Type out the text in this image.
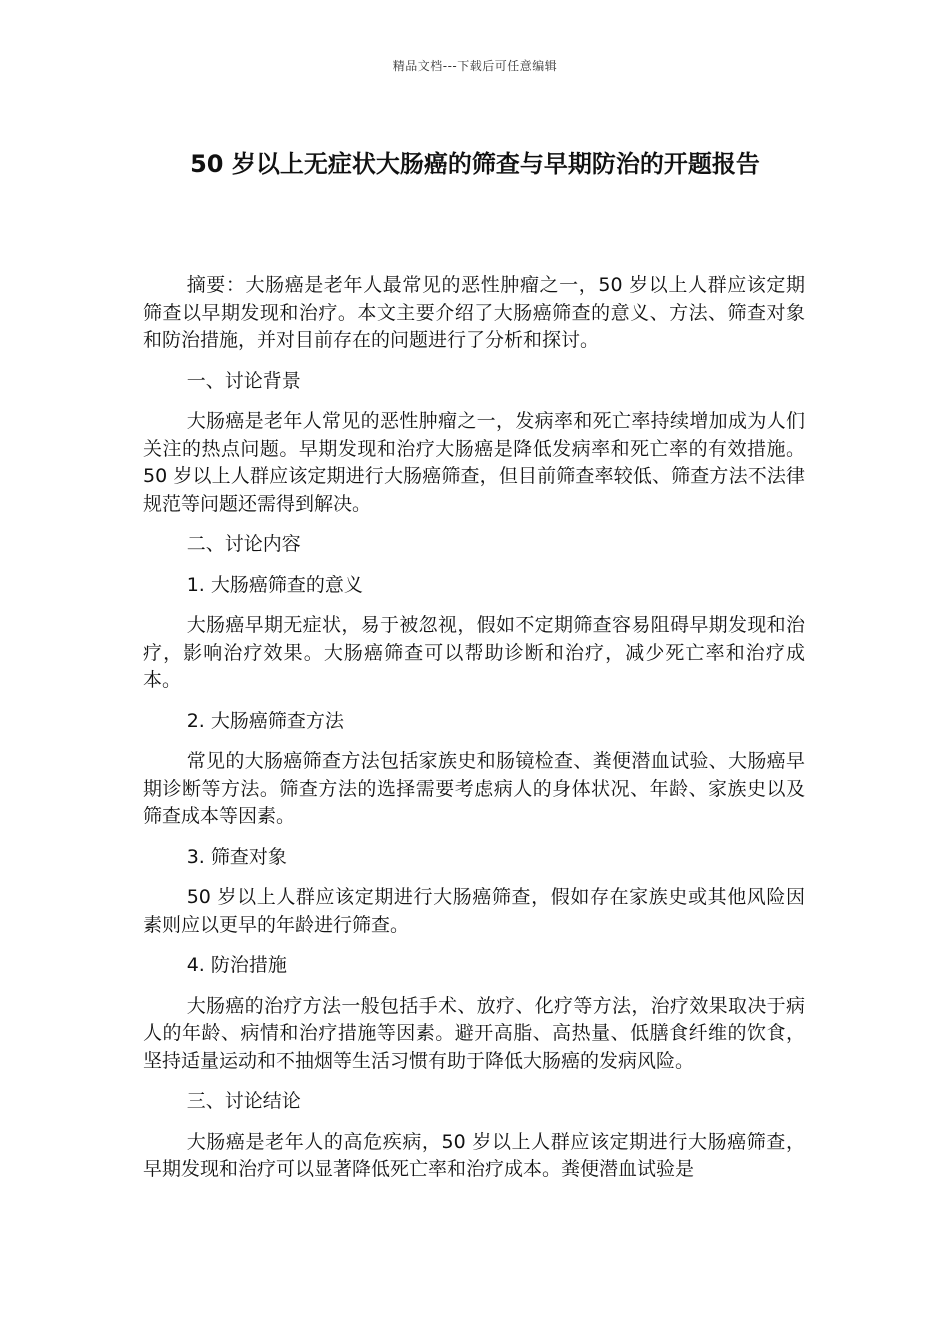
精品文档---下载后可任意编辑
50 岁以上无症状大肠癌的筛查与早期防治的开题报告

摘要：大肠癌是老年人最常见的恶性肿瘤之一，50 岁以上人群应该定期筛查以早期发现和治疗。本文主要介绍了大肠癌筛查的意义、方法、筛查对象和防治措施，并对目前存在的问题进行了分析和探讨。

一、讨论背景

大肠癌是老年人常见的恶性肿瘤之一，发病率和死亡率持续增加成为人们关注的热点问题。早期发现和治疗大肠癌是降低发病率和死亡率的有效措施。50 岁以上人群应该定期进行大肠癌筛查，但目前筛查率较低、筛查方法不法律规范等问题还需得到解决。

二、讨论内容

1. 大肠癌筛查的意义

大肠癌早期无症状，易于被忽视，假如不定期筛查容易阻碍早期发现和治疗，影响治疗效果。大肠癌筛查可以帮助诊断和治疗，减少死亡率和治疗成本。

2. 大肠癌筛查方法

常见的大肠癌筛查方法包括家族史和肠镜检查、粪便潜血试验、大肠癌早期诊断等方法。筛查方法的选择需要考虑病人的身体状况、年龄、家族史以及筛查成本等因素。

3. 筛查对象

50 岁以上人群应该定期进行大肠癌筛查，假如存在家族史或其他风险因素则应以更早的年龄进行筛查。

4. 防治措施

大肠癌的治疗方法一般包括手术、放疗、化疗等方法，治疗效果取决于病人的年龄、病情和治疗措施等因素。避开高脂、高热量、低膳食纤维的饮食，坚持适量运动和不抽烟等生活习惯有助于降低大肠癌的发病风险。

三、讨论结论

大肠癌是老年人的高危疾病，50 岁以上人群应该定期进行大肠癌筛查，早期发现和治疗可以显著降低死亡率和治疗成本。粪便潜血试验是
